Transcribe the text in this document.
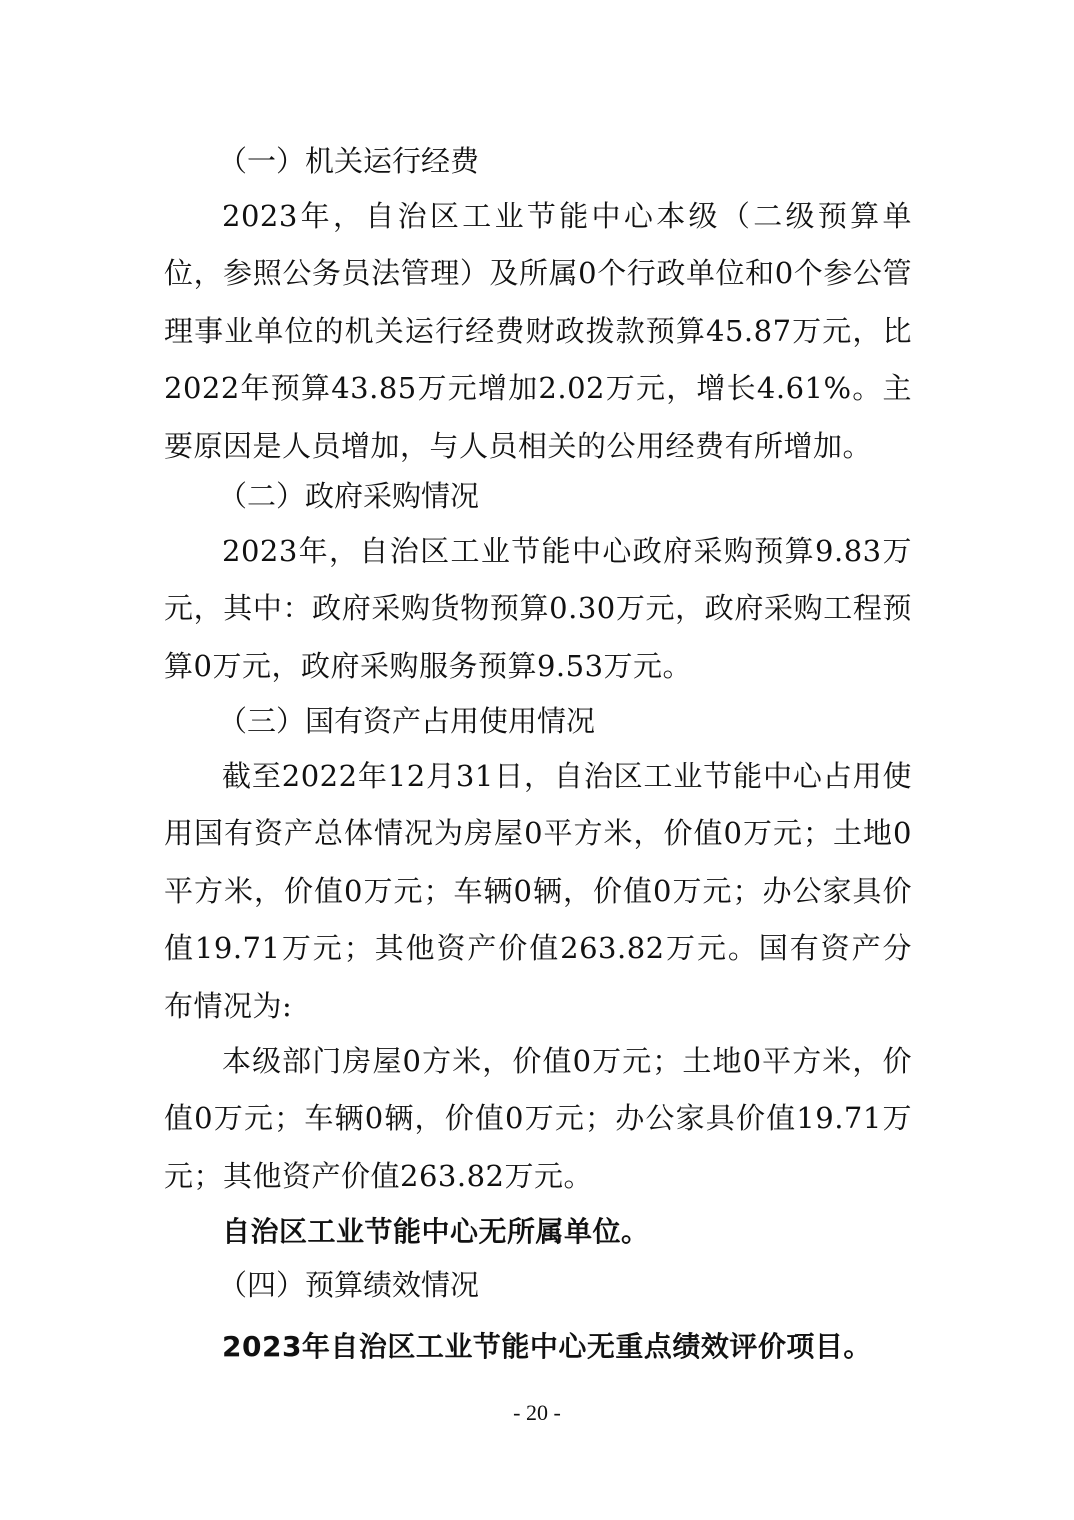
（一）机关运行经费

2023年，自治区工业节能中心本级（二级预算单位，参照公务员法管理）及所属0个行政单位和0个参公管理事业单位的机关运行经费财政拨款预算45.87万元，比2022年预算43.85万元增加2.02万元，增长4.61%。主要原因是人员增加，与人员相关的公用经费有所增加。

（二）政府采购情况

2023年，自治区工业节能中心政府采购预算9.83万元，其中：政府采购货物预算0.30万元，政府采购工程预算0万元，政府采购服务预算9.53万元。

（三）国有资产占用使用情况

截至2022年12月31日，自治区工业节能中心占用使用国有资产总体情况为房屋0平方米，价值0万元；土地0平方米，价值0万元；车辆0辆，价值0万元；办公家具价值19.71万元；其他资产价值263.82万元。国有资产分布情况为:

本级部门房屋0方米，价值0万元；土地0平方米，价值0万元；车辆0辆，价值0万元；办公家具价值19.71万元；其他资产价值263.82万元。

自治区工业节能中心无所属单位。

（四）预算绩效情况

2023年自治区工业节能中心无重点绩效评价项目。

- 20 -
